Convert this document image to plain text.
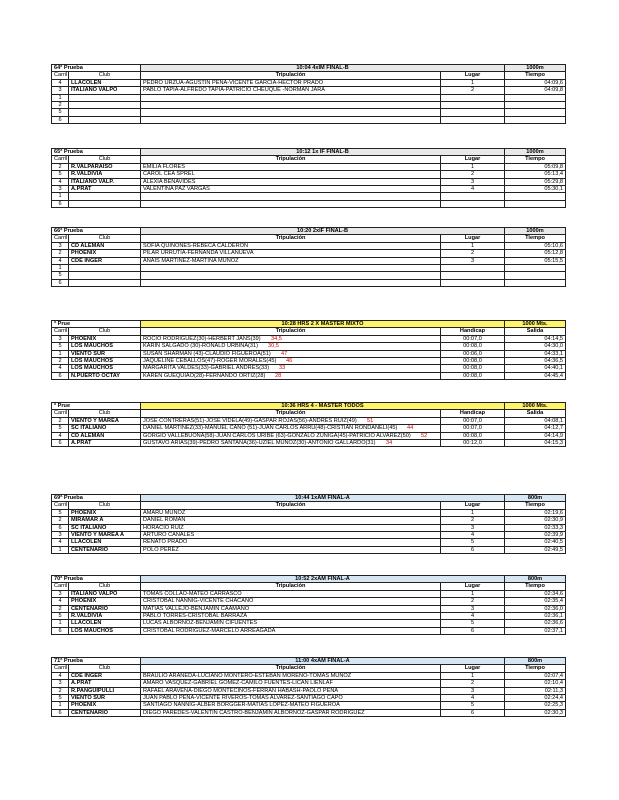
64ª Prueba		10:04 4xIM FINAL-B		1000m
Carril	Club	Tripulación	Lugar	Tiempo
4	LLACOLEN	PEDRO URZUA-AGUSTIN PEÑA-VICENTE GARCIA-HECTOR PRADO	1	04:09,6
3	ITALIANO VALPO	PABLO TAPIA-ALFREDO TAPIA-PATRICIO CHEUQUE -NORMAN JARA	2	04:09,8
1		

2		

5		

6		

65ª Prueba		10:12 1x IF FINAL-B		1000m
Carril	Club	Tripulación	Lugar	Tiempo
2	R.VALPARAISO	EMILIA FLORES	1	05:09,8
5	R.VALDIVIA	CAROL CEA SPREL	2	05:13,4
4	ITALIANO VALP.	ALEXIA BENAVIDES	3	05:29,8
3	A.PRAT	VALENTINA PAZ VARGAS	4	05:30,1
1		

6		

66ª Prueba		10:20 2xIF FINAL-B		1000m
Carril	Club	Tripulación	Lugar	Tiempo
3	CD ALEMAN	SOFIA QUIÑONES-REBECA CALDERON	1	05:10,6
2	PHOENIX	PILAR URRUTIA-FERNANDA VILLANUEVA	2	05:12,8
4	CDE INGER	ANAIS MARTINEZ-MARTINA MUÑOZ	3	05:15,5
1		

5		

6		

ª Prue		10:28 HRS 2 X MASTER MIXTO		1000 Mts.
Carril	Club	Tripulación	Handicap	Salida
3	PHOENIX	ROCIO RODRIGUEZ(30)-HERBERT JANS(39) 34,5	00:07,0	04:14,5
5	LOS MAUCHOS	KARIN SALGADO (30)-RONALD URBINA(31) 30,5	00:08,0	04:30,0
1	VIENTO SUR	SUSAN SHARMAN (43)-CLAUDIO FIGUEROA(51) 47	00:06,0	04:33,1
2	LOS MAUCHOS	JAQUELINE CEBALLOS(47)-ROGER MORALES(45) 46	00:08,0	04:36,5
4	LOS MAUCHOS	MARGARITA VALDES(33)-GABRIEL ANDRES(33) 33	00:08,0	04:40,1
6	N.PUERTO OCTAY	KAREN GUEQUIAO(28)-FERNANDO ORTIZ(28) 28	00:08,0	04:45,4
ª Prue		10:36 HRS 4 - MASTER TODOS		1000 Mts.
Carril	Club	Tripulación	Handicap	Salida
2	VIENTO Y MAREA	JOSE CONTRERAS(51)-JOSE VIDELA(49)-GASPAR ROJAS(56)-ANDRES RUIZ(49) 51	00:07,0	04:08,1
5	SC ITALIANO	DANIEL MARTINEZ(33)-MANUEL CANO (51)-JUAN CARLOS ARRU(48)-CRISTIAN RONDANELI(45) 44	00:07,0	04:12,7
4	CD ALEMAN	GORGIO VALLEBUONA(58)-JUAN CARLOS URIBE (63)-GONZALO ZUÑIGA(45)-PATRICIO ALVAREZ(50) 52	00:08,0	04:14,9
6	A.PRAT	GUSTAVO ARIAS(39)-PEDRO SANTANA(36)-UZIEL MUÑOZ(30)-ANTONIO GALLARDO(31) 34	00:12,0	04:15,3
69ª Prueba		10:44 1xAM FINAL-A		800m
Carril	Club	Tripulación	Lugar	Tiempo
5	PHOENIX	AMARU MUÑOZ	1	02:19,6
2	MIRAMAR A	DANIEL ROMAN	2	02:30,9
6	SC ITALIANO	HORACIO RUIZ	3	02:33,3
3	VIENTO Y MAREA A	ARTURO CANALES	4	02:39,9
4	LLACOLEN	RENATO PRADO	5	02:40,5
1	CENTENARIO	POLO PEREZ	6	02:49,5
70ª Prueba		10:52 2xAM FINAL-A		800m
Carril	Club	Tripulación	Lugar	Tiempo
3	ITALIANO VALPO	TOMAS COLLAO-MATEO CARRASCO	1	02:34,6
4	PHOENIX	CRISTOBAL NANNIG-VICENTE CHACANO	2	02:35,4
2	CENTENARIO	MATIAS VALLEJO-BENJAMIN CAAMAÑO	3	02:36,0
5	R.VALDIVIA	PABLO TORRES-CRISTOBAL BARRAZA	4	02:36,1
1	LLACOLEN	LUCAS ALBORNOZ-BENJAMIN CIFUENTES	5	02:36,6
6	LOS MAUCHOS	CRISTOBAL RODRIGUEZ-MARCELO ARREAGADA	6	02:37,1
71ª Prueba		11:00 4xAM FINAL-A		800m
Carril	Club	Tripulación	Lugar	Tiempo
4	CDE INGER	BRAULIO ARANEDA-LUCIANO MONTERO-ESTEBAN MORENO-TOMAS MUÑOZ	1	02:07,4
3	A.PRAT	AMARO VASQUEZ-GABRIEL GOMEZ-CAMILO FUENTES-LICAN LIENLAF	2	02:10,4
2	R.PANGUIPULLI	RAFAEL ARAVENA-DIEGO MONTECINOS-FERRAN HABASH-PAOLO PEÑA	3	02:11,3
5	VIENTO SUR	JUAN PABLO PEÑA-VICENTE RIVEROS-TOMAS ALVAREZ-SANTIAGO CAPO	4	02:24,4
1	PHOENIX	SANTIAGO NANNIG-ALBER BORGGER-MATIAS LOPEZ-MATEO FIGUEROA	5	02:25,3
6	CENTENARIO	DIEGO PAREDES-VALENTIN CASTRO-BENJAMIN ALBORNOZ-GASPAR RODRIGUEZ	6	02:30,3
